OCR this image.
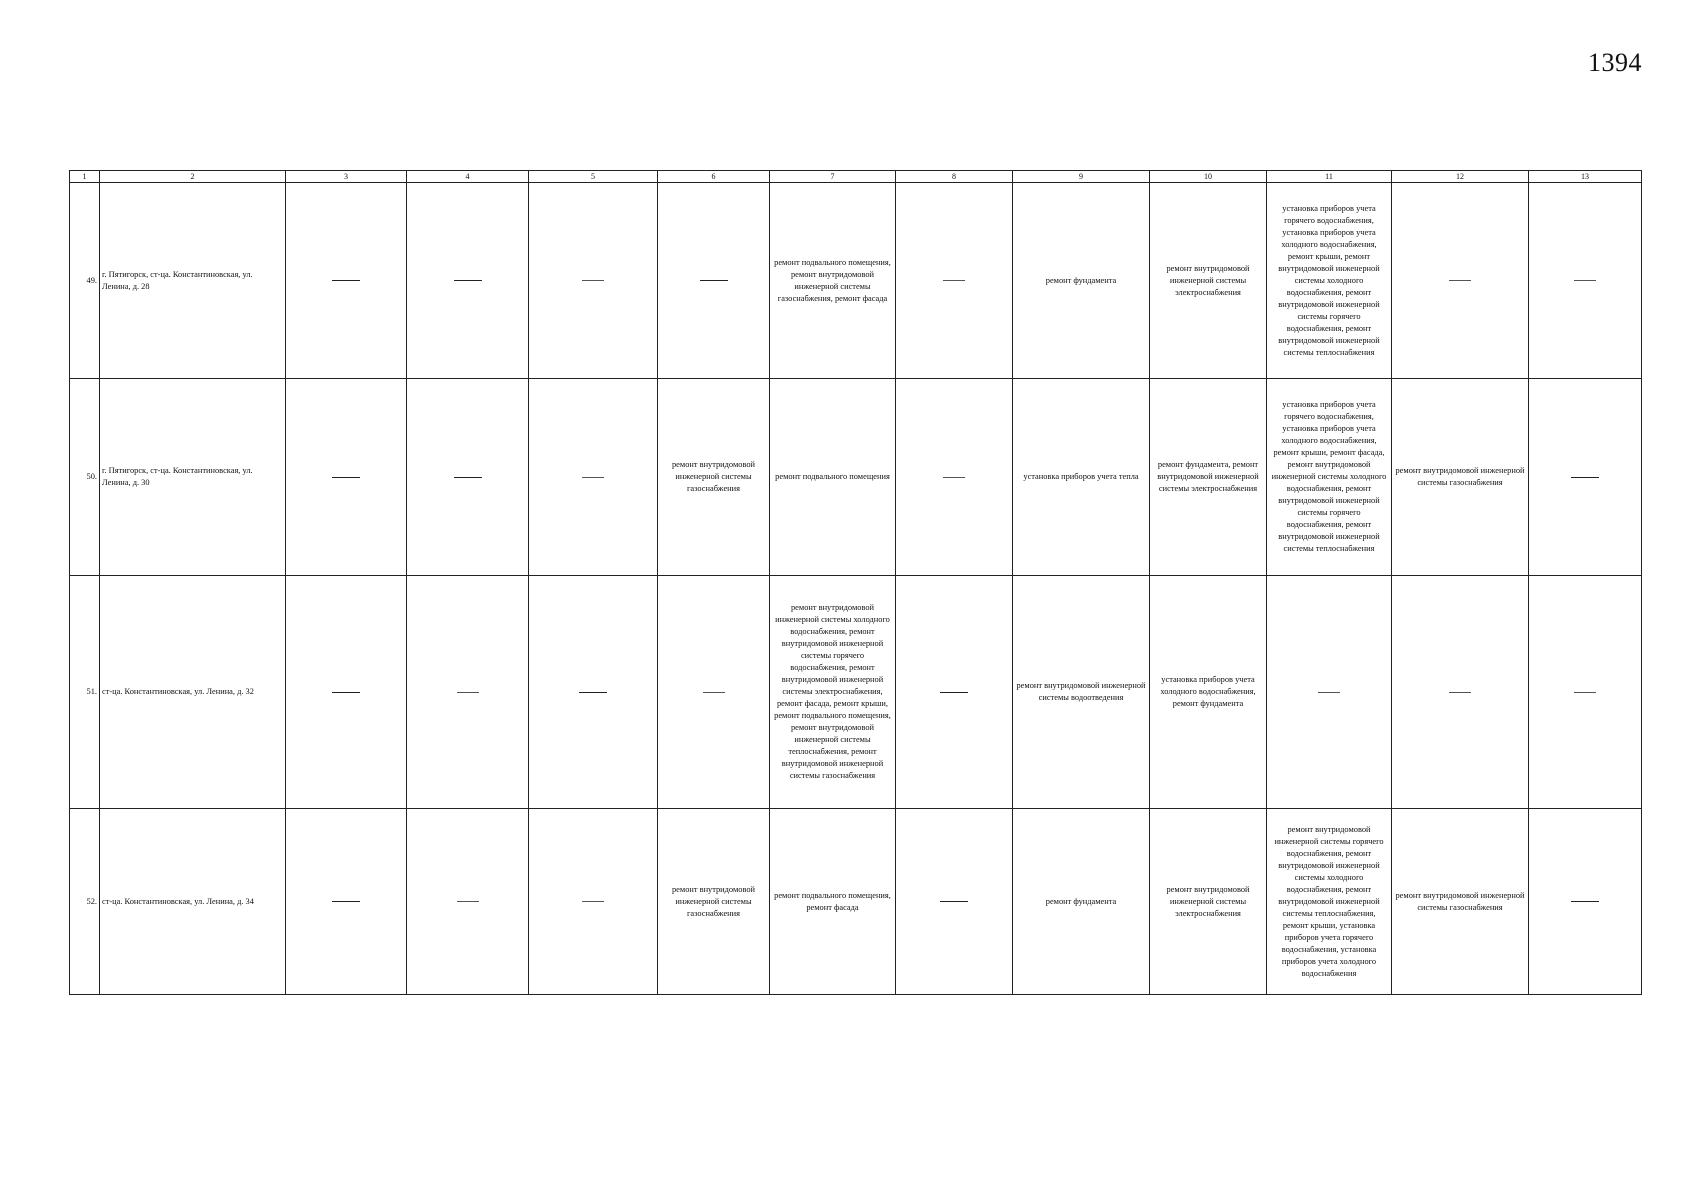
1394
1	2	3	4	5	6	7	8	9	10	11	12	13
49.	г. Пятигорск, ст-ца. Константиновская, ул. Ленина, д. 28					ремонт подвального помещения, ремонт внутридомовой инженерной системы газоснабжения, ремонт фасада		ремонт фундамента	ремонт внутридомовой инженерной системы электроснабжения	установка приборов учета горячего водоснабжения, установка приборов учета холодного водоснабжения, ремонт крыши, ремонт внутридомовой инженерной системы холодного водоснабжения, ремонт внутридомовой инженерной системы горячего водоснабжения, ремонт внутридомовой инженерной системы теплоснабжения		
50.	г. Пятигорск, ст-ца. Константиновская, ул. Ленина, д. 30				ремонт внутридомовой инженерной системы газоснабжения	ремонт подвального помещения		установка приборов учета тепла	ремонт фундамента, ремонт внутридомовой инженерной системы электроснабжения	установка приборов учета горячего водоснабжения, установка приборов учета холодного водоснабжения, ремонт крыши, ремонт фасада, ремонт внутридомовой инженерной системы холодного водоснабжения, ремонт внутридомовой инженерной системы горячего водоснабжения, ремонт внутридомовой инженерной системы теплоснабжения	ремонт внутридомовой инженерной системы газоснабжения	
51.	ст-ца. Константиновская, ул. Ленина, д. 32					ремонт внутридомовой инженерной системы холодного водоснабжения, ремонт внутридомовой инженерной системы горячего водоснабжения, ремонт внутридомовой инженерной системы электроснабжения, ремонт фасада, ремонт крыши, ремонт подвального помещения, ремонт внутридомовой инженерной системы теплоснабжения, ремонт внутридомовой инженерной системы газоснабжения		ремонт внутридомовой инженерной системы водоотведения	установка приборов учета холодного водоснабжения, ремонт фундамента			
52.	ст-ца. Константиновская, ул. Ленина, д. 34				ремонт внутридомовой инженерной системы газоснабжения	ремонт подвального помещения, ремонт фасада		ремонт фундамента	ремонт внутридомовой инженерной системы электроснабжения	ремонт внутридомовой инженерной системы горячего водоснабжения, ремонт внутридомовой инженерной системы холодного водоснабжения, ремонт внутридомовой инженерной системы теплоснабжения, ремонт крыши, установка приборов учета горячего водоснабжения, установка приборов учета холодного водоснабжения	ремонт внутридомовой инженерной системы газоснабжения	
